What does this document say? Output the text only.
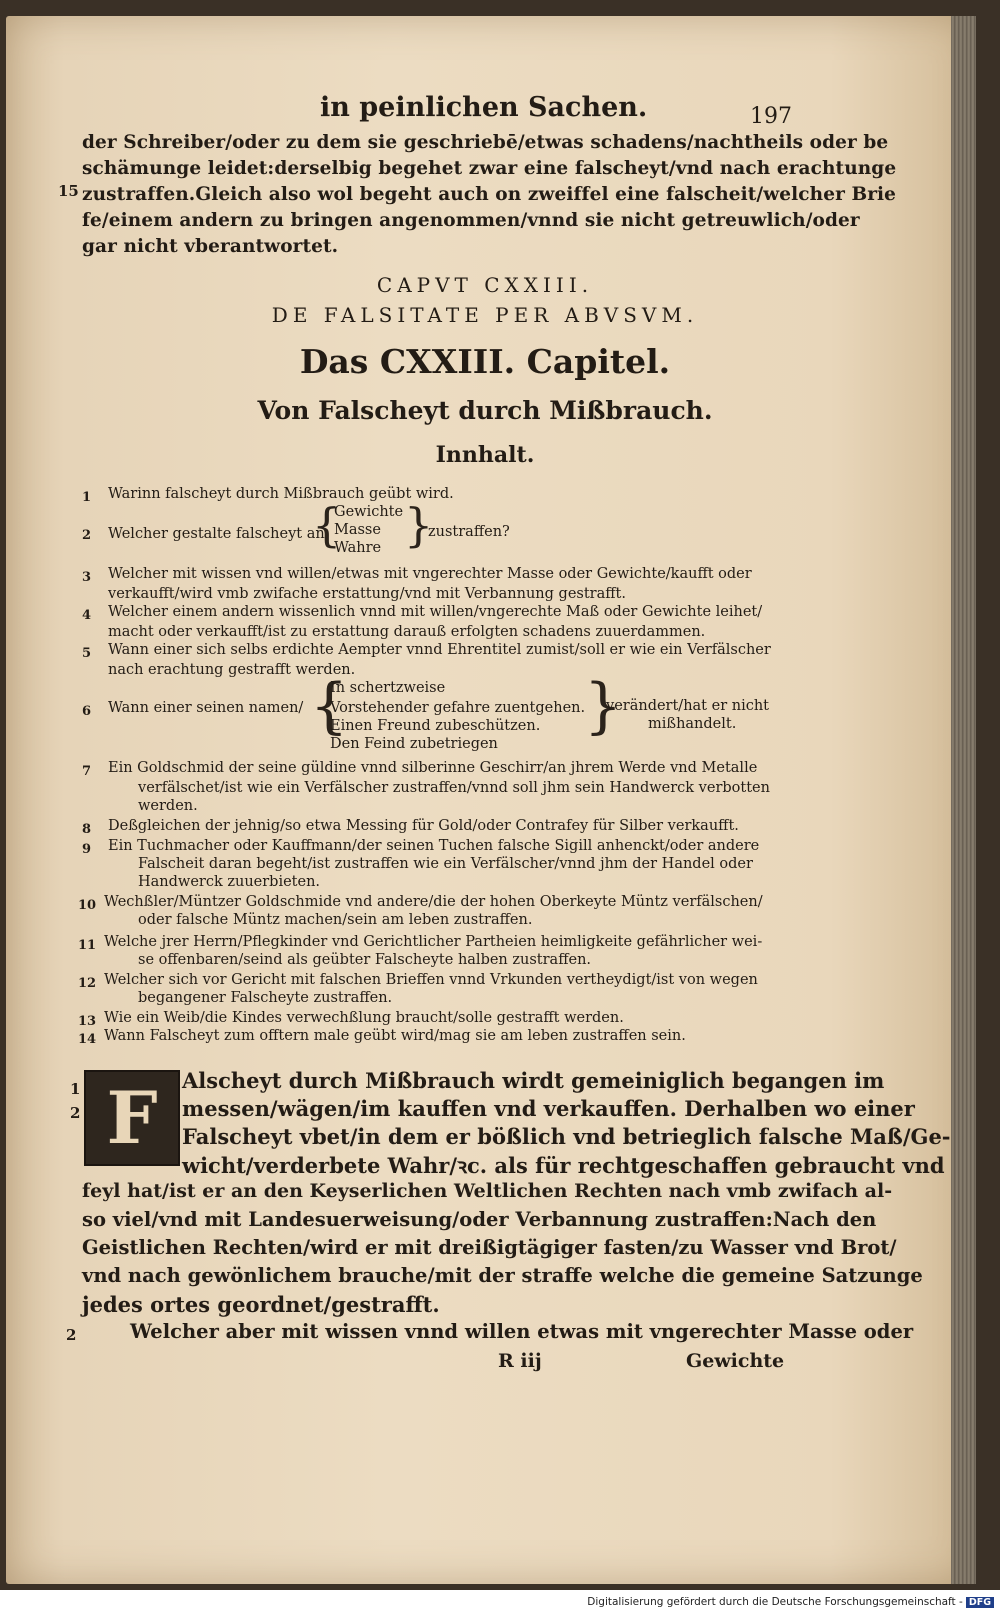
in peinlichen Sachen.	197
15
der Schreiber/oder zu dem sie geschriebē/etwas schadens/nachtheils oder be
schämunge leidet:derselbig begehet zwar eine falscheyt/vnd nach erachtunge
zustraffen.Gleich also wol begeht auch on zweiffel eine falscheit/welcher Brie
fe/einem andern zu bringen angenommen/vnnd sie nicht getreuwlich/oder
gar nicht vberantwortet.
CAPVT CXXIII.
DE FALSITATE PER ABVSVM.
Das CXXIII. Capitel.
Von Falscheyt durch Mißbrauch.
Innhalt.
1 Warinn falscheyt durch Mißbrauch geübt wird.
2 Welcher gestalte falscheyt an
{
Gewichte
Masse
Wahre }
zustraffen?
3 Welcher mit wissen vnd willen/etwas mit vngerechter Masse oder Gewichte/kaufft oder
verkaufft/wird vmb zwifache erstattung/vnd mit Verbannung gestrafft.
4 Welcher einem andern wissenlich vnnd mit willen/vngerechte Maß oder Gewichte leihet/
macht oder verkaufft/ist zu erstattung darauß erfolgten schadens zuuerdammen.
5 Wann einer sich selbs erdichte Aempter vnnd Ehrentitel zumist/soll er wie ein Verfälscher
nach erachtung gestrafft werden.
6 Wann einer seinen namen/ {
In schertzweise
Vorstehender gefahre zuentgehen.
Einen Freund zubeschützen.
Den Feind zubetriegen
}
verändert/hat er nicht
mißhandelt.
7 Ein Goldschmid der seine güldine vnnd silberinne Geschirr/an jhrem Werde vnd Metalle
verfälschet/ist wie ein Verfälscher zustraffen/vnnd soll jhm sein Handwerck verbotten
werden.
8 Deßgleichen der jehnig/so etwa Messing für Gold/oder Contrafey für Silber verkaufft.
9 Ein Tuchmacher oder Kauffmann/der seinen Tuchen falsche Sigill anhenckt/oder andere
Falscheit daran begeht/ist zustraffen wie ein Verfälscher/vnnd jhm der Handel oder
Handwerck zuuerbieten.
10 Wechßler/Müntzer Goldschmide vnd andere/die der hohen Oberkeyte Müntz verfälschen/
oder falsche Müntz machen/sein am leben zustraffen.
11 Welche jrer Herrn/Pflegkinder vnd Gerichtlicher Partheien heimligkeite gefährlicher wei-
se offenbaren/seind als geübter Falscheyte halben zustraffen.
12 Welcher sich vor Gericht mit falschen Brieffen vnnd Vrkunden verthеydigt/ist von wegen
begangener Falscheyte zustraffen.
13 Wie ein Weib/die Kindes verwechßlung braucht/solle gestrafft werden.
14 Wann Falscheyt zum offtern male geübt wird/mag sie am leben zustraffen sein.
F
1
2
Alscheyt durch Mißbrauch wirdt gemeiniglich begangen im
messen/wägen/im kauffen vnd verkauffen. Derhalben wo einer
Falscheyt vbet/in dem er bößlich vnd betrieglich falsche Maß/Ge-
wicht/verderbete Wahr/ꝛc. als für rechtgeschaffen gebraucht vnd
feyl hat/ist er an den Keyserlichen Weltlichen Rechten nach vmb zwifach al-
so viel/vnd mit Landesuerweisung/oder Verbannung zustraffen:Nach den
Geistlichen Rechten/wird er mit dreißigtägiger fasten/zu Wasser vnd Brot/
vnd nach gewönlichem brauche/mit der straffe welche die gemeine Satzunge
jedes ortes geordnet/gestrafft.
2	Welcher aber mit wissen vnnd willen etwas mit vngerechter Masse oder
R iij	Gewichte
Digitalisierung gefördert durch die Deutsche Forschungsgemeinschaft - DFG
